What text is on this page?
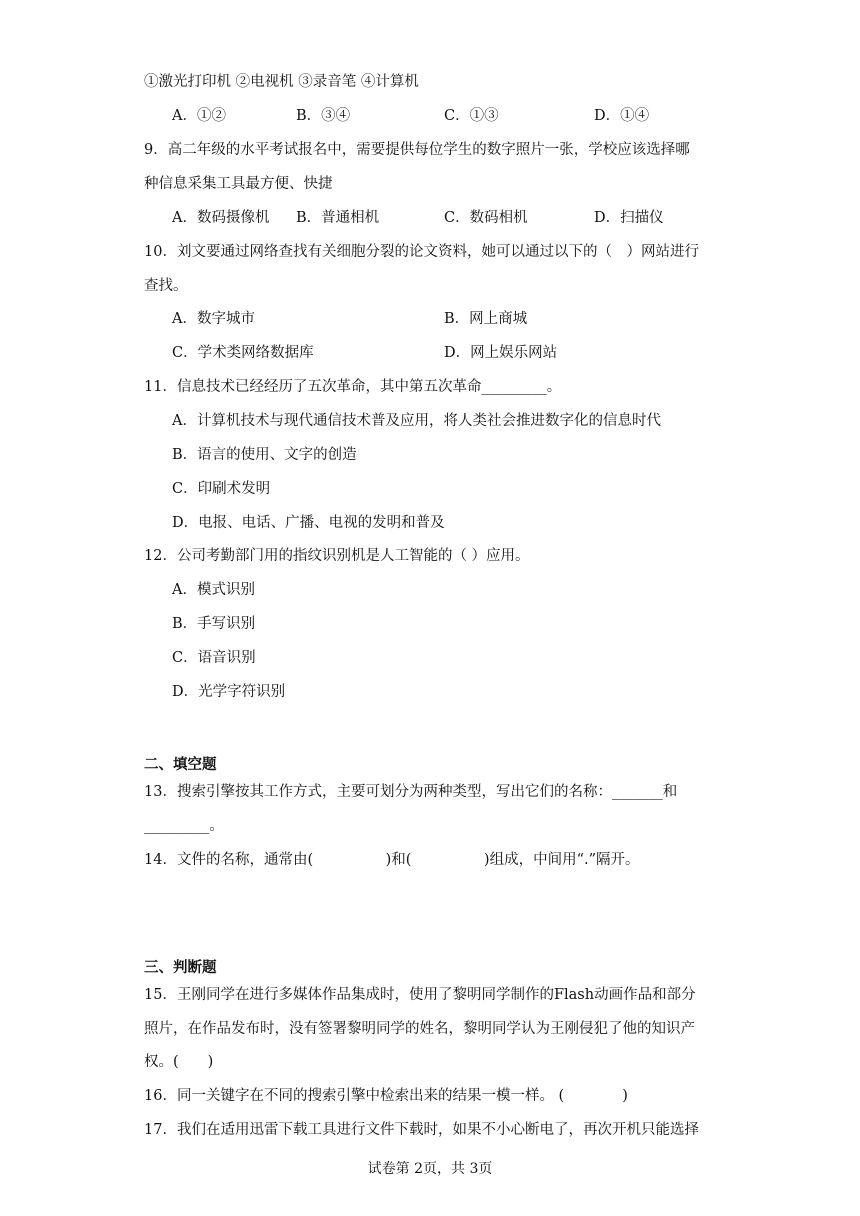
①激光打印机 ②电视机 ③录音笔 ④计算机
A．①②	B．③④	C．①③	D．①④
9．高二年级的水平考试报名中，需要提供每位学生的数字照片一张，学校应该选择哪
种信息采集工具最方便、快捷
A．数码摄像机 B．普通相机	C．数码相机	D．扫描仪
10．刘文要通过网络查找有关细胞分裂的论文资料，她可以通过以下的（　）网站进行
查找。
A．数字城市	B．网上商城
C．学术类网络数据库	D．网上娱乐网站
11．信息技术已经经历了五次革命，其中第五次革命_________。
A．计算机技术与现代通信技术普及应用，将人类社会推进数字化的信息时代
B．语言的使用、文字的创造
C．印刷术发明
D．电报、电话、广播、电视的发明和普及
12．公司考勤部门用的指纹识别机是人工智能的（ ）应用。
A．模式识别
B．手写识别
C．语音识别
D．光学字符识别
二、填空题
13．搜索引擎按其工作方式，主要可划分为两种类型，写出它们的名称：_______和
_________。
14．文件的名称，通常由(　　　　　)和(　　　　　)组成，中间用“.”隔开。
三、判断题
15．王刚同学在进行多媒体作品集成时，使用了黎明同学制作的Flash动画作品和部分
照片，在作品发布时，没有签署黎明同学的姓名，黎明同学认为王刚侵犯了他的知识产
权。(　　)
16．同一关键字在不同的搜索引擎中检索出来的结果一模一样。 (　　　　)
17．我们在适用迅雷下载工具进行文件下载时，如果不小心断电了，再次开机只能选择
试卷第 2页，共 3页
